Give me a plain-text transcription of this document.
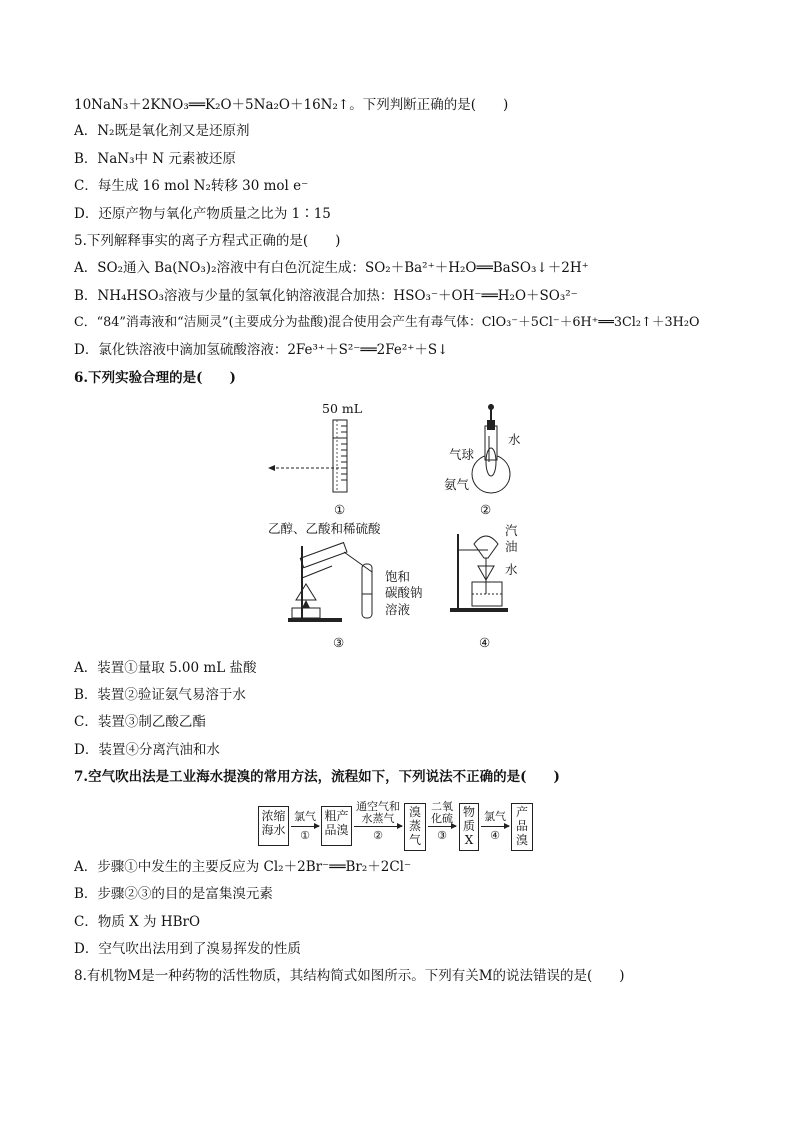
10NaN₃＋2KNO₃══K₂O＋5Na₂O＋16N₂↑。下列判断正确的是(　　)
A．N₂既是氧化剂又是还原剂
B．NaN₃中 N 元素被还原
C．每生成 16 mol N₂转移 30 mol e⁻
D．还原产物与氧化产物质量之比为 1∶15
5.下列解释事实的离子方程式正确的是(　　)
A．SO₂通入 Ba(NO₃)₂溶液中有白色沉淀生成：SO₂＋Ba²⁺＋H₂O══BaSO₃↓＋2H⁺
B．NH₄HSO₃溶液与少量的氢氧化钠溶液混合加热：HSO₃⁻＋OH⁻══H₂O＋SO₃²⁻
C．“84”消毒液和“洁厕灵”(主要成分为盐酸)混合使用会产生有毒气体：ClO₃⁻＋5Cl⁻＋6H⁺══3Cl₂↑＋3H₂O
D．氯化铁溶液中滴加氢硫酸溶液：2Fe³⁺＋S²⁻══2Fe²⁺＋S↓
6.下列实验合理的是(　　)
50 mL
①
水
气球
氨气
②
乙醇、乙酸和稀硫酸
饱和
碳酸钠
溶液
③
汽
油
水
④
A．装置①量取 5.00 mL 盐酸
B．装置②验证氨气易溶于水
C．装置③制乙酸乙酯
D．装置④分离汽油和水
7.空气吹出法是工业海水提溴的常用方法，流程如下，下列说法不正确的是(　　)
浓缩海水
氯气
①
粗产品溴
通空气和
水蒸气
②
溴蒸气
二氧
化硫
③
物质X
氯气
④
产品溴
A．步骤①中发生的主要反应为 Cl₂＋2Br⁻══Br₂＋2Cl⁻
B．步骤②③的目的是富集溴元素
C．物质 X 为 HBrO
D．空气吹出法用到了溴易挥发的性质
8.有机物M是一种药物的活性物质，其结构简式如图所示。下列有关M的说法错误的是(　　)
